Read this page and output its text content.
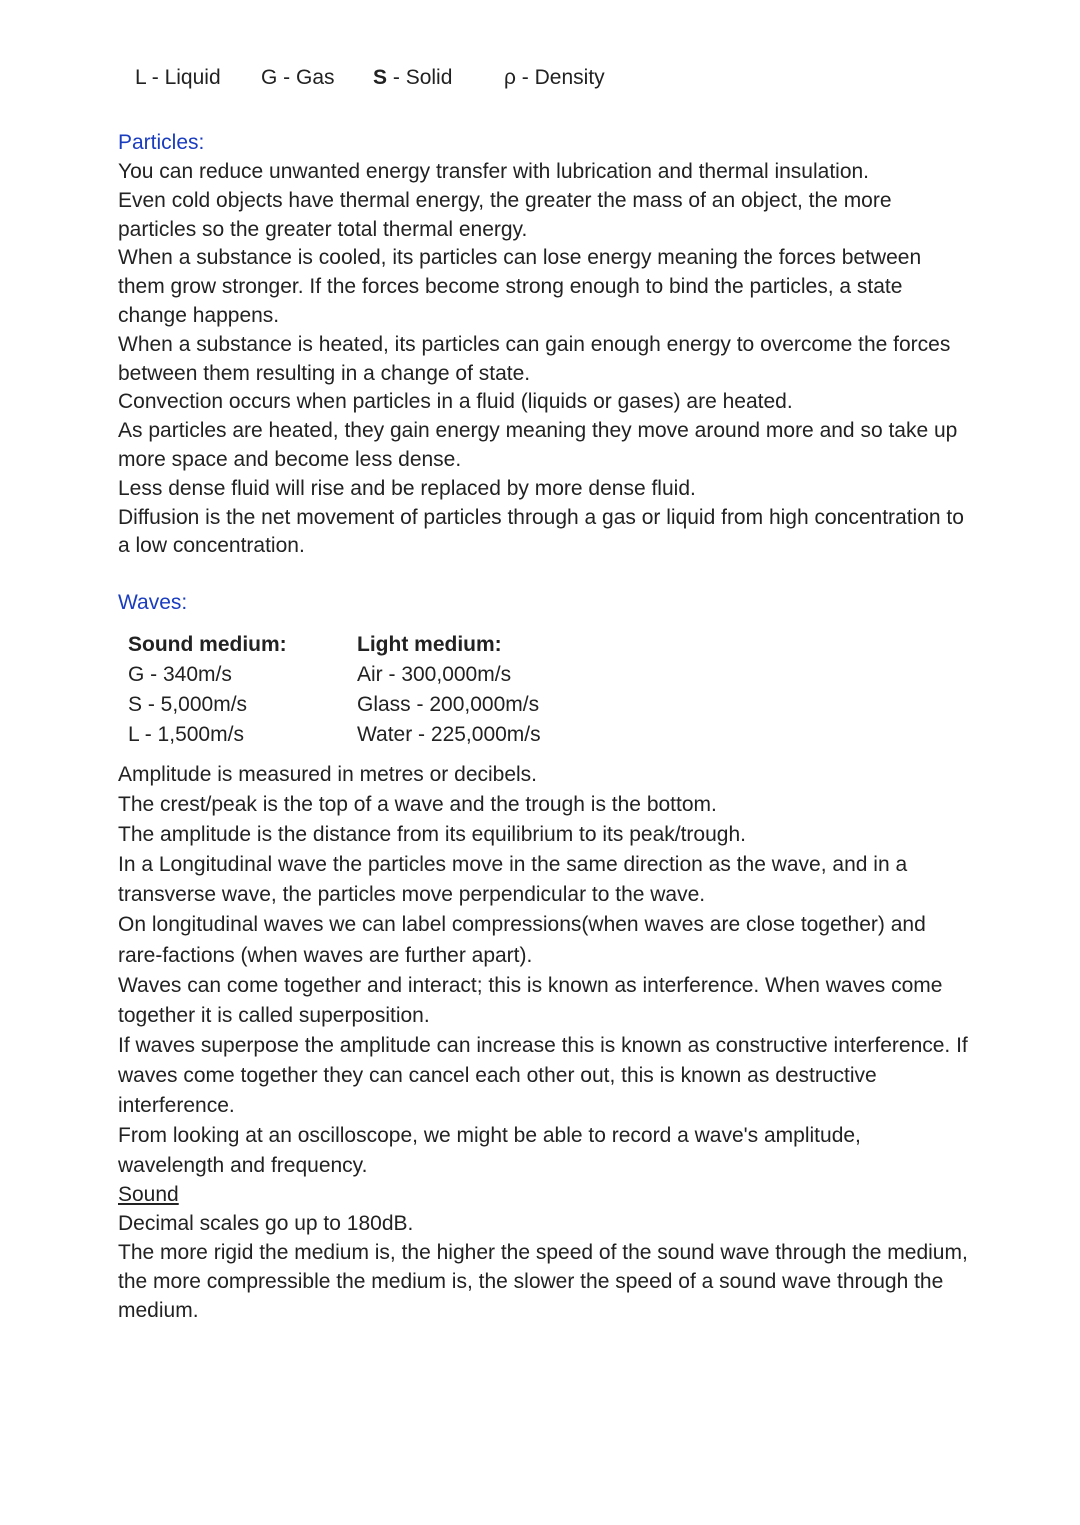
L - Liquid G - Gas S - Solid ρ - Density
Particles:

You can reduce unwanted energy transfer with lubrication and thermal insulation.

Even cold objects have thermal energy, the greater the mass of an object, the more particles so the greater total thermal energy.

When a substance is cooled, its particles can lose energy meaning the forces between them grow stronger. If the forces become strong enough to bind the particles, a state change happens.

When a substance is heated, its particles can gain enough energy to overcome the forces between them resulting in a change of state.

Convection occurs when particles in a fluid (liquids or gases) are heated.

As particles are heated, they gain energy meaning they move around more and so take up more space and become less dense.

Less dense fluid will rise and be replaced by more dense fluid.

Diffusion is the net movement of particles through a gas or liquid from high concentration to a low concentration.

Waves:
Sound medium:
G - 340m/s
S - 5,000m/s
L - 1,500m/s
Light medium:
Air - 300,000m/s
Glass - 200,000m/s
Water - 225,000m/s

Amplitude is measured in metres or decibels.

The crest/peak is the top of a wave and the trough is the bottom.

The amplitude is the distance from its equilibrium to its peak/trough.

In a Longitudinal wave the particles move in the same direction as the wave, and in a transverse wave, the particles move perpendicular to the wave.

On longitudinal waves we can label compressions(when waves are close together) and rare-factions (when waves are further apart).

Waves can come together and interact; this is known as interference. When waves come together it is called superposition.

If waves superpose the amplitude can increase this is known as constructive interference. If waves come together they can cancel each other out, this is known as destructive interference.

From looking at an oscilloscope, we might be able to record a wave's amplitude, wavelength and frequency.

Sound

Decimal scales go up to 180dB.

The more rigid the medium is, the higher the speed of the sound wave through the medium, the more compressible the medium is, the slower the speed of a sound wave through the medium.
